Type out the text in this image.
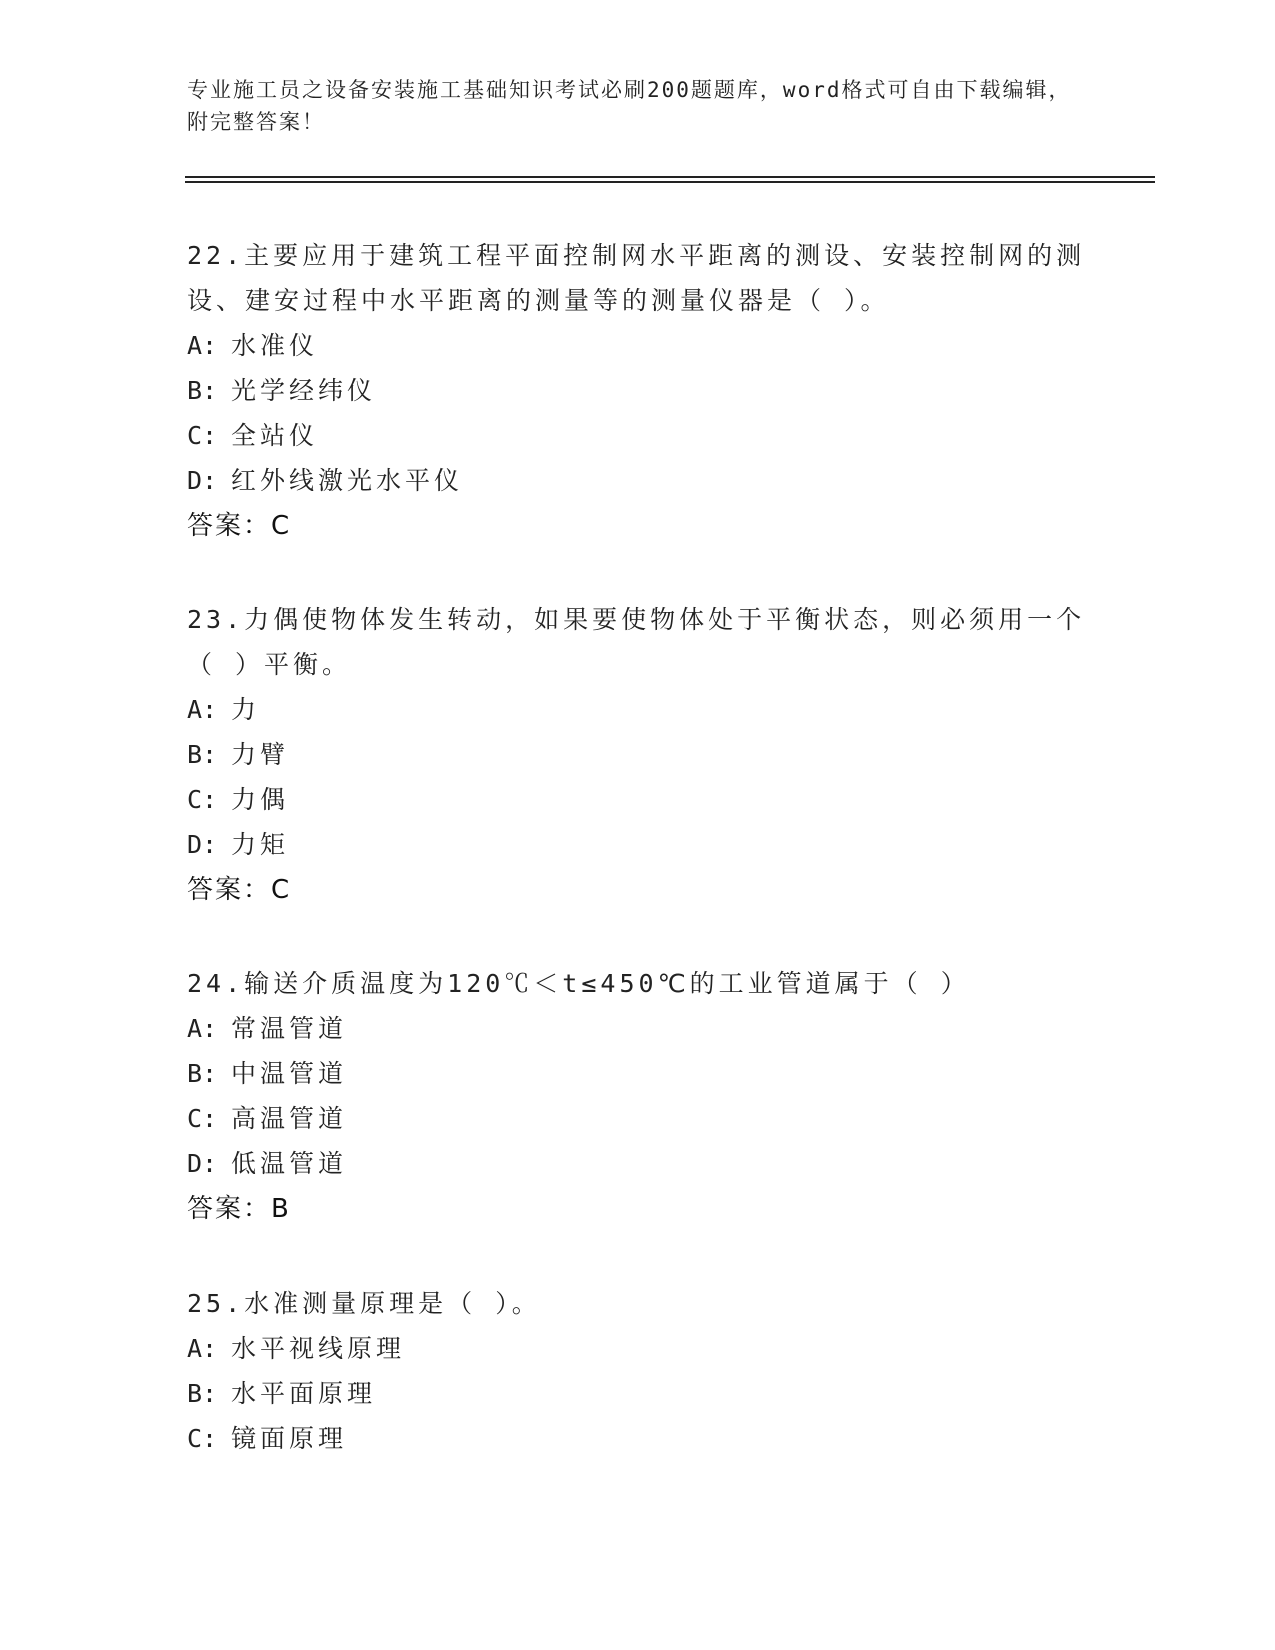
专业施工员之设备安装施工基础知识考试必刷200题题库，word格式可自由下载编辑，附完整答案！

22.主要应用于建筑工程平面控制网水平距离的测设、安装控制网的测设、建安过程中水平距离的测量等的测量仪器是（ ）。

A: 水准仪

B: 光学经纬仪

C: 全站仪

D: 红外线激光水平仪

答案：C

23.力偶使物体发生转动，如果要使物体处于平衡状态，则必须用一个（ ）平衡。

A: 力

B: 力臂

C: 力偶

D: 力矩

答案：C

24.输送介质温度为120℃＜t≤450℃的工业管道属于（ ）

A: 常温管道

B: 中温管道

C: 高温管道

D: 低温管道

答案：B

25.水准测量原理是（ ）。

A: 水平视线原理

B: 水平面原理

C: 镜面原理
